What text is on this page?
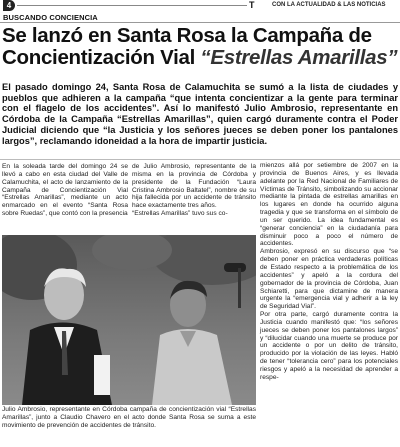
4	T	CON LA ACTUALIDAD & LAS NOTICIAS
BUSCANDO CONCIENCIA
Se lanzó en Santa Rosa la Campaña de Concientización Vial “Estrellas Amarillas”
El pasado domingo 24, Santa Rosa de Calamuchita se sumó a la lista de ciudades y pueblos que adhieren a la campaña “que intenta concientizar a la gente para terminar con el flagelo de los accidentes”. Así lo manifestó Julio Ambrosio, representante en Córdoba de la Campaña “Estrellas Amarillas”, quien cargó duramente contra el Poder Judicial diciendo que “la Justicia y los señores jueces se deben poner los pantalones largos”, reclamando idoneidad a la hora de impartir justicia.
En la soleada tarde del domingo 24 se llevó a cabo en esta ciudad del Valle de Calamuchita, el acto de lanzamiento de la Campaña de Concientización Vial “Estrellas Amarillas”, mediante un acto enmarcado en el evento “Santa Rosa sobre Ruedas”, que contó con la presencia
de Julio Ambrosio, representante de la misma en la provincia de Córdoba y presidente de la Fundación “Laura Cristina Ambrosio Baltatel”, nombre de su hija fallecida por un accidente de tránsito hace exactamente tres años.
“Estrellas Amarillas” tuvo sus co-
mienzos allá por setiembre de 2007 en la provincia de Buenos Aires, y es llevada adelante por la Red Nacional de Familiares de Víctimas de Tránsito, simbolizando su accionar mediante la pintada de estrellas amarillas en los lugares en donde ha ocurrido alguna tragedia y que se transforma en el símbolo de un ser querido. La idea fundamental es “generar conciencia” en la ciudadanía para disminuir poco a poco el número de accidentes.
Ambrosio, expresó en su discurso que “se deben poner en práctica verdaderas políticas de Estado respecto a la problemática de los accidentes” y apeló a la cordura del gobernador de la provincia de Córdoba, Juan Schiaretti, para que dictamine de manera urgente la “emergencia vial y adherir a la ley de Seguridad Vial”.
Por otra parte, cargó duramente contra la Justicia cuando manifestó que: “los señores jueces se deben poner los pantalones largos” y “dilucidar cuando una muerte se produce por un accidente o por un delito de tránsito, producido por la violación de las leyes. Habló de tener “tolerancia cero” para los potenciales riesgos y apeló a la necesidad de aprender a respe-
Julio Ambrosio, representante en Córdoba campaña de concientización vial “Estrellas Amarillas”, junto a Claudio Chavero en el acto donde Santa Rosa se suma a este movimiento de prevención de accidentes de tránsito.
